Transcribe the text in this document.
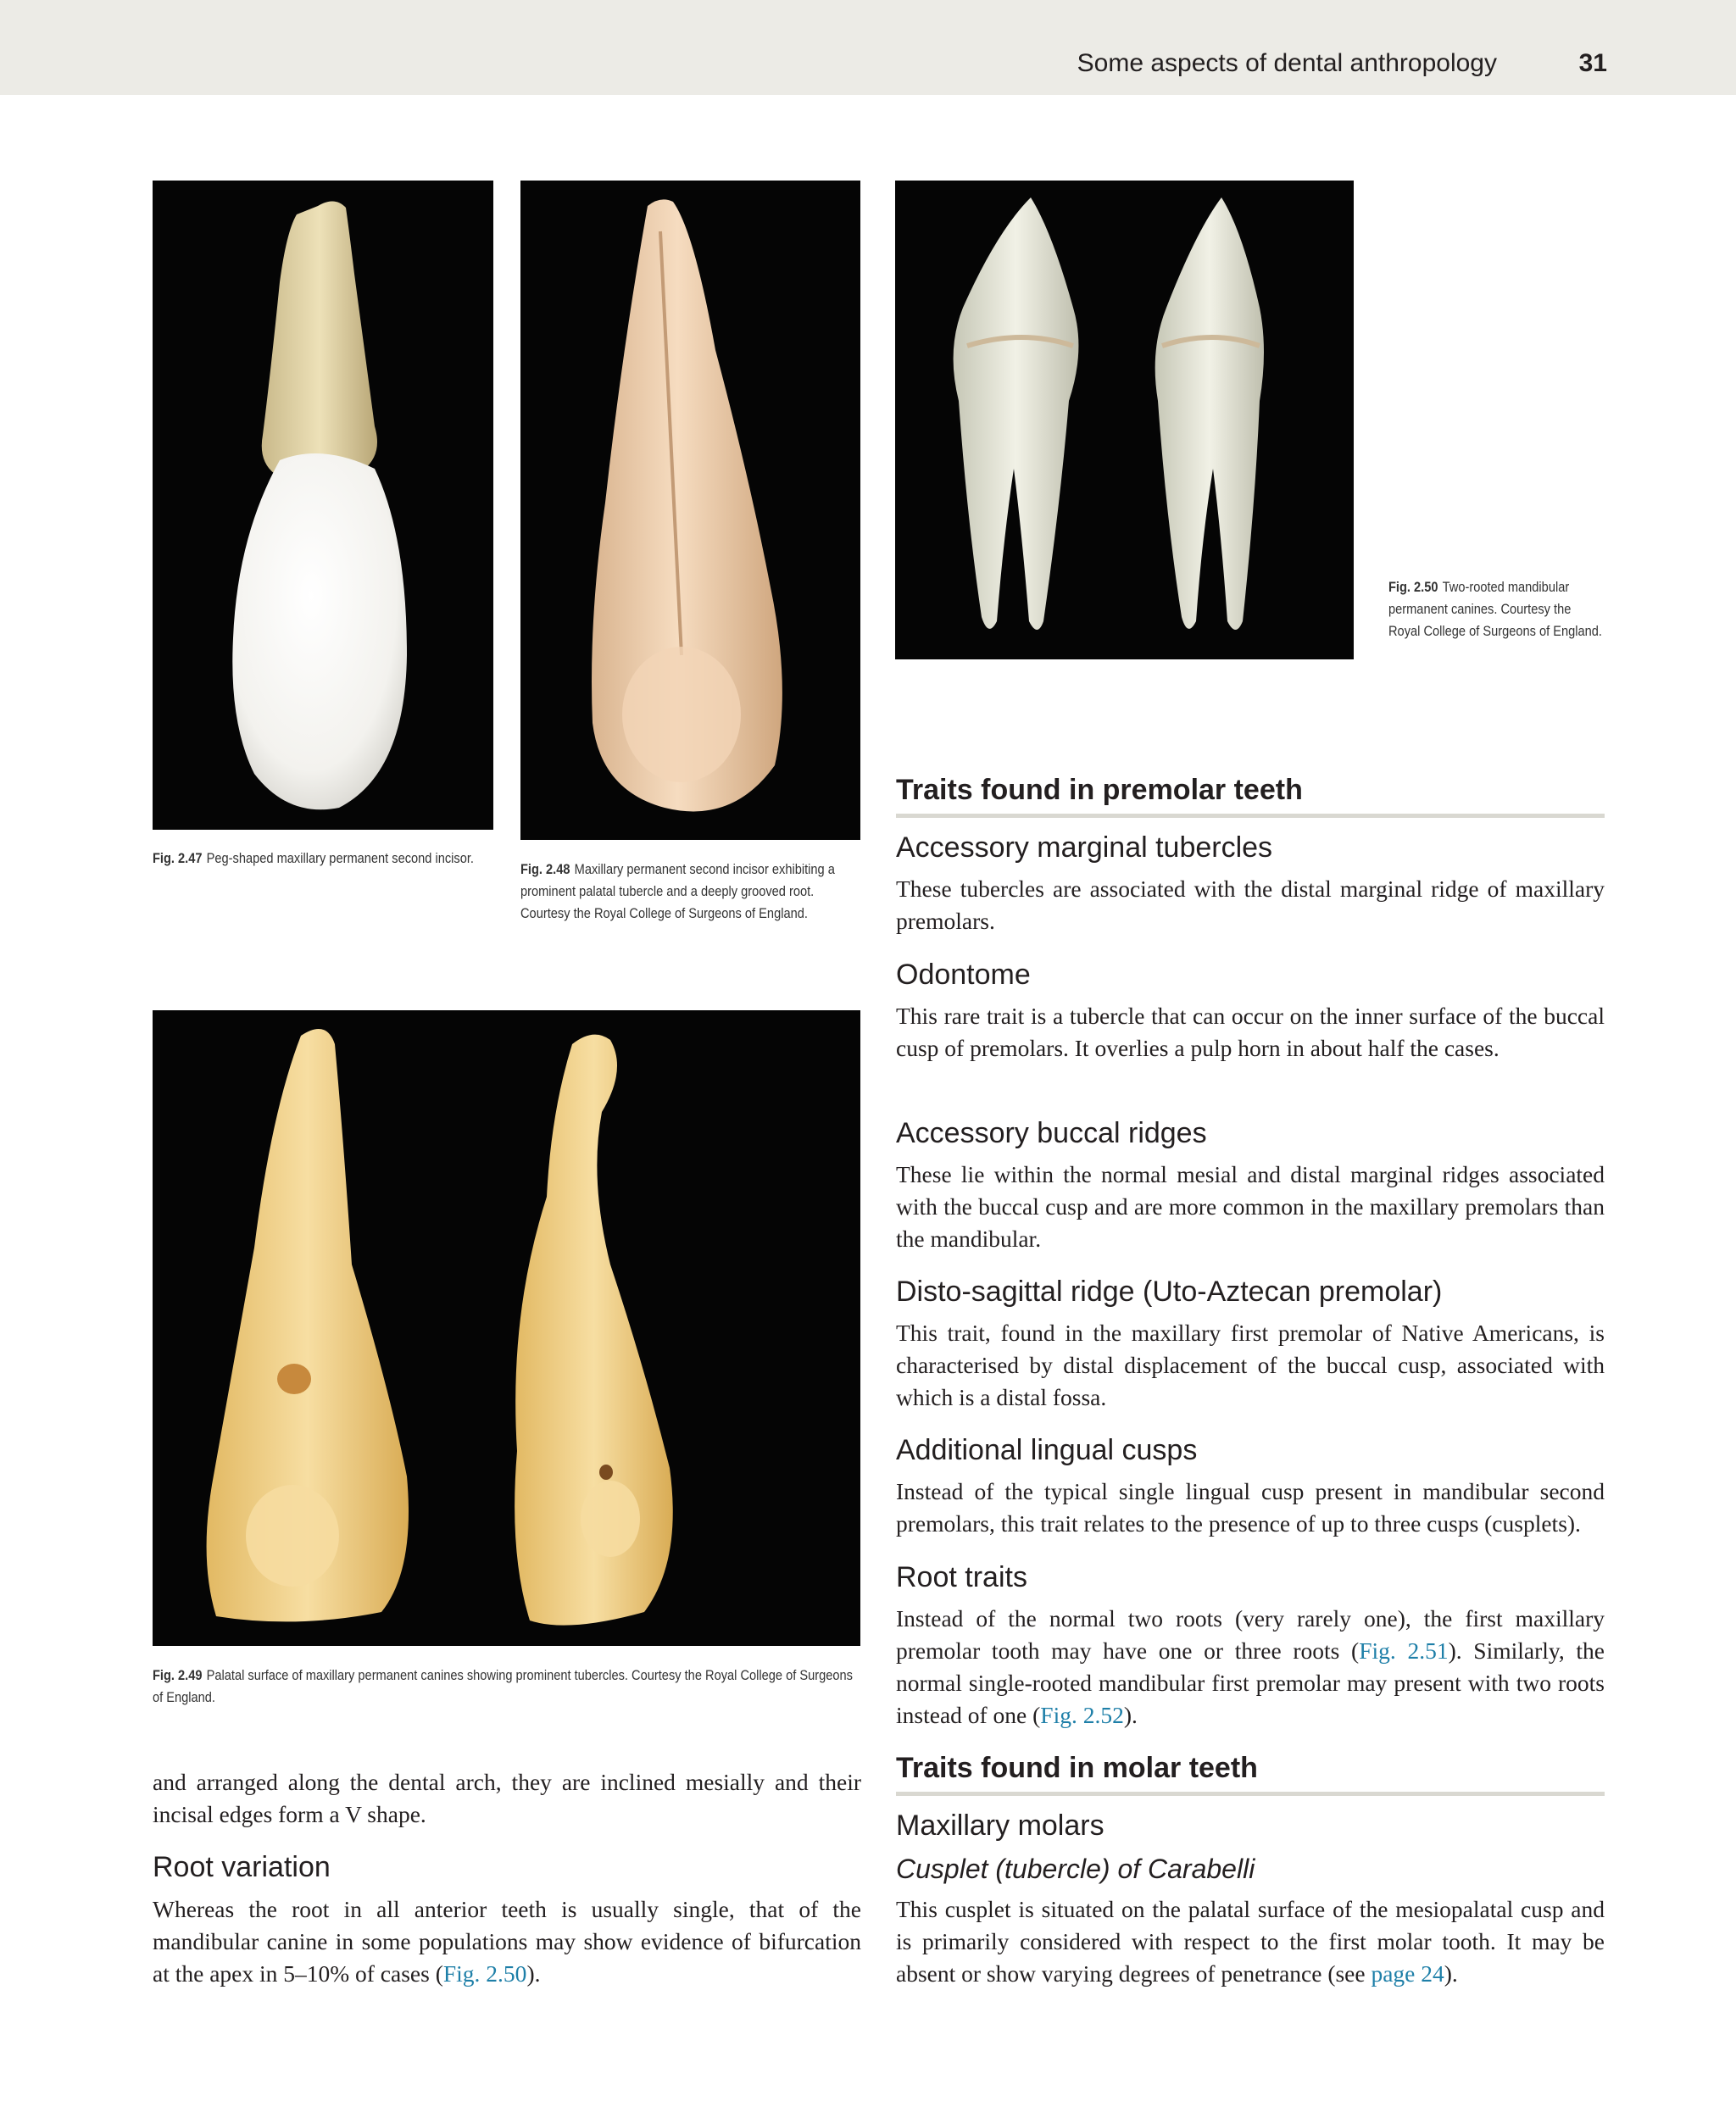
Some aspects of dental anthropology	31
Fig. 2.47 Peg-shaped maxillary permanent second incisor.
Fig. 2.48 Maxillary permanent second incisor exhibiting a prominent palatal tubercle and a deeply grooved root. Courtesy the Royal College of Surgeons of England.
Fig. 2.50 Two-rooted mandibular permanent canines. Courtesy the Royal College of Surgeons of England.
Fig. 2.49 Palatal surface of maxillary permanent canines showing prominent tubercles. Courtesy the Royal College of Surgeons of England.
and arranged along the dental arch, they are inclined mesially and their incisal edges form a V shape.
Root variation
Whereas the root in all anterior teeth is usually single, that of the mandibular canine in some populations may show evidence of bifurcation at the apex in 5–10% of cases (Fig. 2.50).
Traits found in premolar teeth
Accessory marginal tubercles
These tubercles are associated with the distal marginal ridge of maxillary premolars.
Odontome
This rare trait is a tubercle that can occur on the inner surface of the buccal cusp of premolars. It overlies a pulp horn in about half the cases.
Accessory buccal ridges
These lie within the normal mesial and distal marginal ridges associated with the buccal cusp and are more common in the maxillary premolars than the mandibular.
Disto-sagittal ridge (Uto-Aztecan premolar)
This trait, found in the maxillary first premolar of Native Americans, is characterised by distal displacement of the buccal cusp, associated with which is a distal fossa.
Additional lingual cusps
Instead of the typical single lingual cusp present in mandibular second premolars, this trait relates to the presence of up to three cusps (cusplets).
Root traits
Instead of the normal two roots (very rarely one), the first maxillary premolar tooth may have one or three roots (Fig. 2.51). Similarly, the normal single-rooted mandibular first premolar may present with two roots instead of one (Fig. 2.52).
Traits found in molar teeth
Maxillary molars
Cusplet (tubercle) of Carabelli
This cusplet is situated on the palatal surface of the mesiopalatal cusp and is primarily considered with respect to the first molar tooth. It may be absent or show varying degrees of penetrance (see page 24).
